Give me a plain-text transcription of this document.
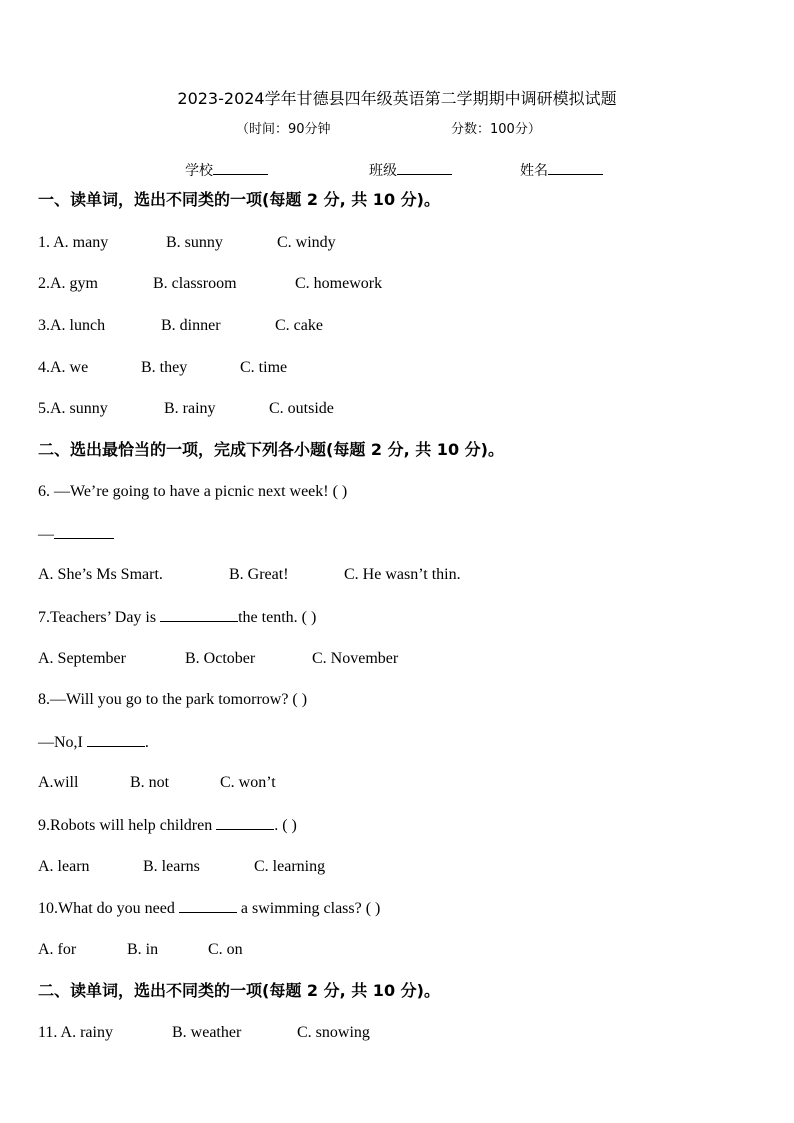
2023-2024学年甘德县四年级英语第二学期期中调研模拟试题
（时间：90分钟	分数：100分）
学校	班级	姓名
一、读单词，选出不同类的一项(每题 2 分, 共 10 分)。
1. A. many	B. sunny	C. windy
2.A. gym	B. classroom	C. homework
3.A. lunch	B. dinner	C. cake
4.A. we	B. they	C. time
5.A. sunny	B. rainy	C. outside
二、选出最恰当的一项，完成下列各小题(每题 2 分, 共 10 分)。
6. —We’re going to have a picnic next week! ( )
—
A. She’s Ms Smart.	B. Great!	C. He wasn’t thin.
7.Teachers’ Day is	the tenth. ( )
A. September	B. October	C. November
8.—Will you go to the park tomorrow? ( )
—No,I	.
A.will	B. not	C. won’t
9.Robots will help children	. ( )
A. learn	B. learns	C. learning
10.What do you need	a swimming class? ( )
A. for	B. in	C. on
二、读单词，选出不同类的一项(每题 2 分, 共 10 分)。
11. A. rainy	B. weather	C. snowing
